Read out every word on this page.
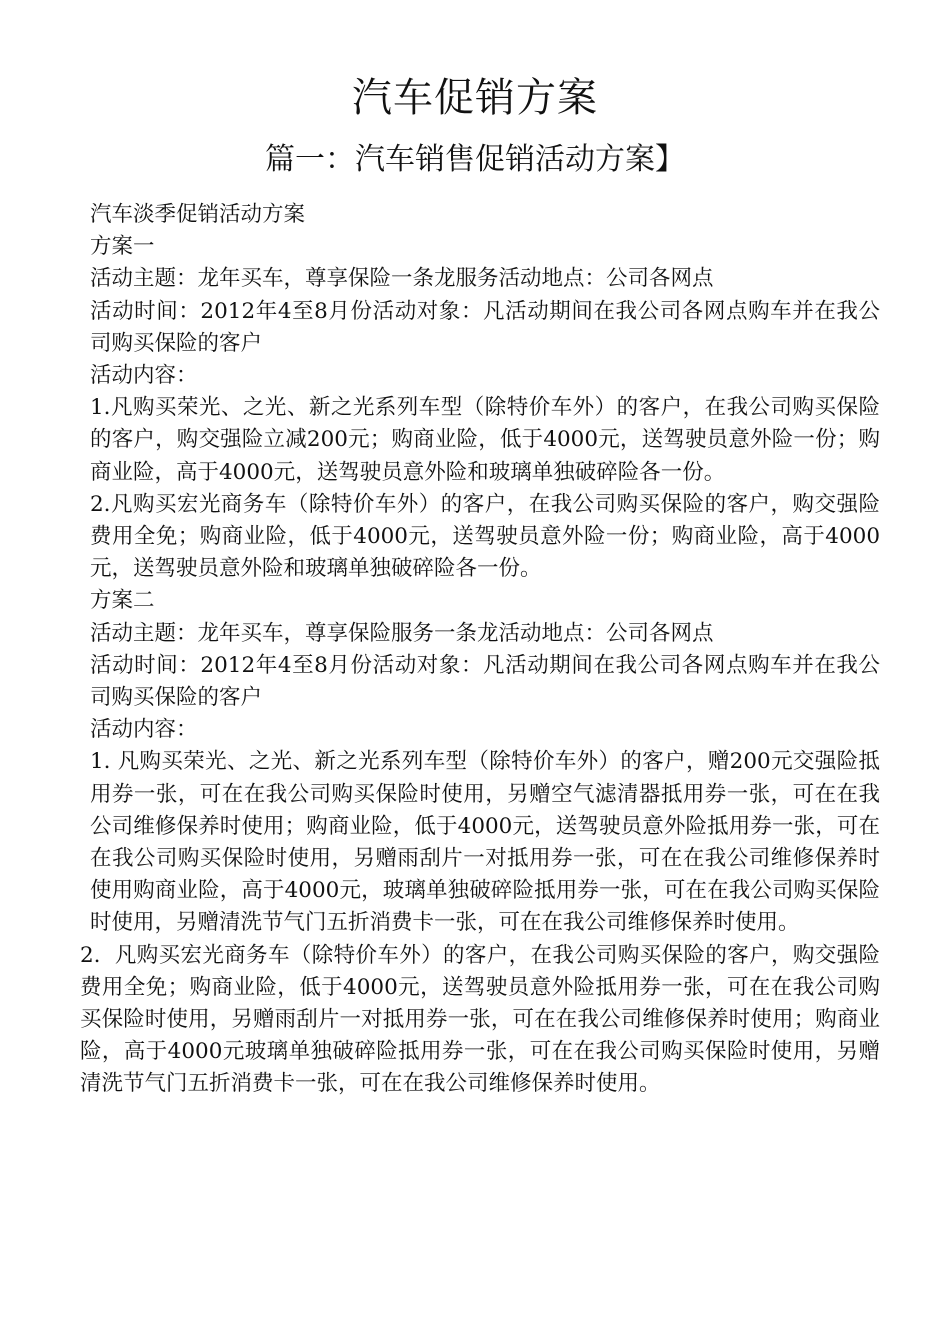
汽车促销方案
篇一：汽车销售促销活动方案】

汽车淡季促销活动方案

方案一

活动主题：龙年买车，尊享保险一条龙服务活动地点：公司各网点

活动时间：2012年4至8月份活动对象：凡活动期间在我公司各网点购车并在我公司购买保险的客户

活动内容：

1.凡购买荣光、之光、新之光系列车型（除特价车外）的客户，在我公司购买保险的客户，购交强险立减200元；购商业险，低于4000元，送驾驶员意外险一份；购商业险，高于4000元，送驾驶员意外险和玻璃单独破碎险各一份。

2.凡购买宏光商务车（除特价车外）的客户，在我公司购买保险的客户，购交强险费用全免；购商业险，低于4000元，送驾驶员意外险一份；购商业险，高于4000元，送驾驶员意外险和玻璃单独破碎险各一份。

方案二

活动主题：龙年买车，尊享保险服务一条龙活动地点：公司各网点

活动时间：2012年4至8月份活动对象：凡活动期间在我公司各网点购车并在我公司购买保险的客户

活动内容：

1. 凡购买荣光、之光、新之光系列车型（除特价车外）的客户，赠200元交强险抵用券一张，可在在我公司购买保险时使用，另赠空气滤清器抵用券一张，可在在我公司维修保养时使用；购商业险，低于4000元，送驾驶员意外险抵用券一张，可在在我公司购买保险时使用，另赠雨刮片一对抵用券一张，可在在我公司维修保养时使用购商业险，高于4000元，玻璃单独破碎险抵用券一张，可在在我公司购买保险时使用，另赠清洗节气门五折消费卡一张，可在在我公司维修保养时使用。

2.  凡购买宏光商务车（除特价车外）的客户，在我公司购买保险的客户，购交强险费用全免；购商业险，低于4000元，送驾驶员意外险抵用券一张，可在在我公司购买保险时使用，另赠雨刮片一对抵用券一张，可在在我公司维修保养时使用；购商业险，高于4000元玻璃单独破碎险抵用券一张，可在在我公司购买保险时使用，另赠清洗节气门五折消费卡一张，可在在我公司维修保养时使用。
